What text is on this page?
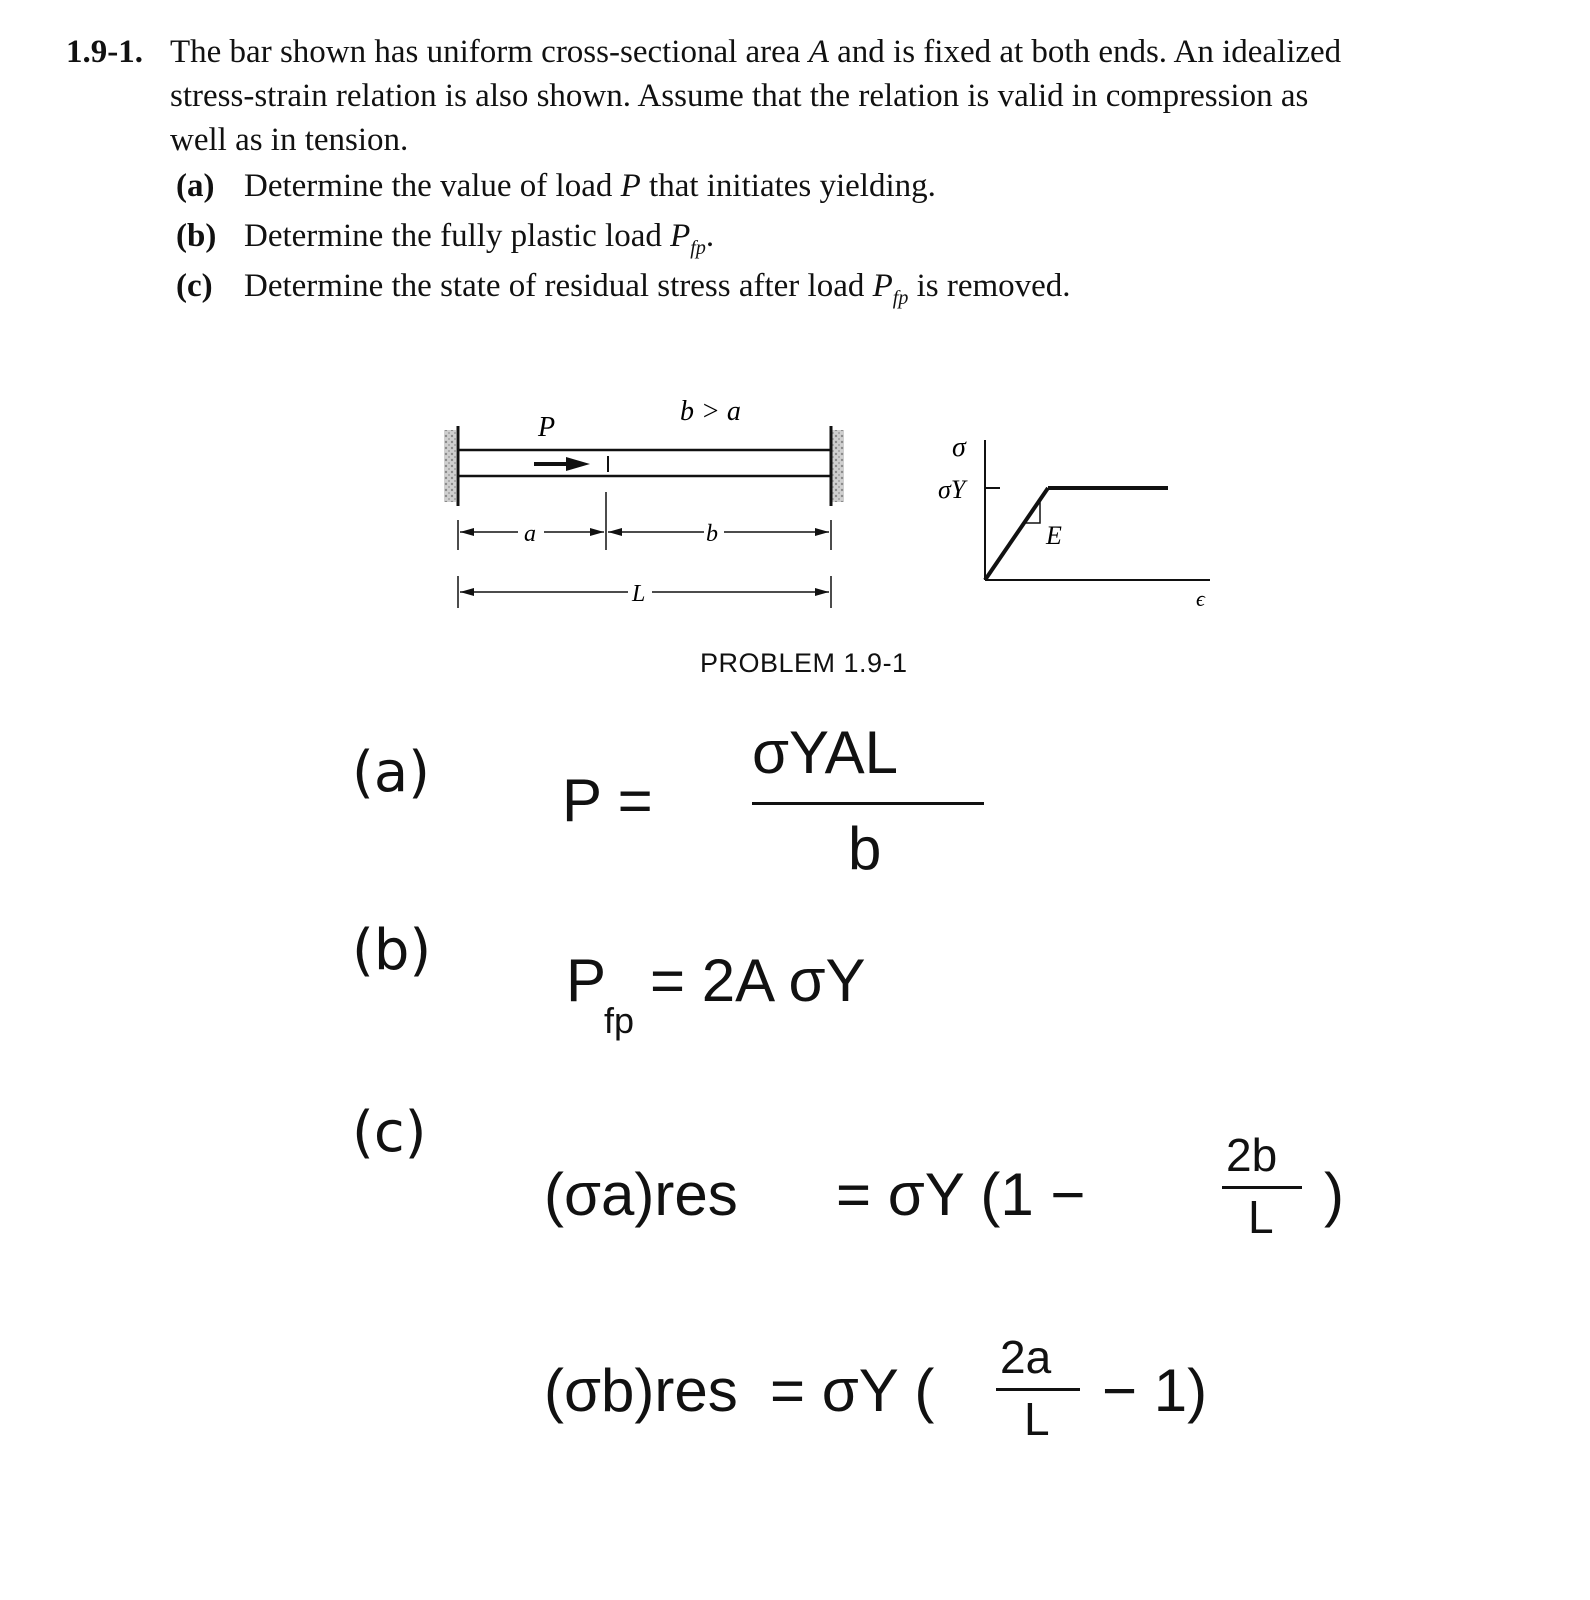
1.9-1. The bar shown has uniform cross-sectional area A and is fixed at both ends. An idealized
stress-strain relation is also shown. Assume that the relation is valid in compression as
well as in tension.
(a) Determine the value of load P that initiates yielding.
(b) Determine the fully plastic load $P_{fp}$.
(c) Determine the state of residual stress after load $P_{fp}$ is removed.
P
b > a
a	b
L
σ
σY
E
ϵ
PROBLEM 1.9-1
(a) P =
σYAL
b
(b) P
fp
= 2A σY
(c)
(σa)res = σY (1 −
2b
L )
(σb)res = σY ( 2a
L − 1)
